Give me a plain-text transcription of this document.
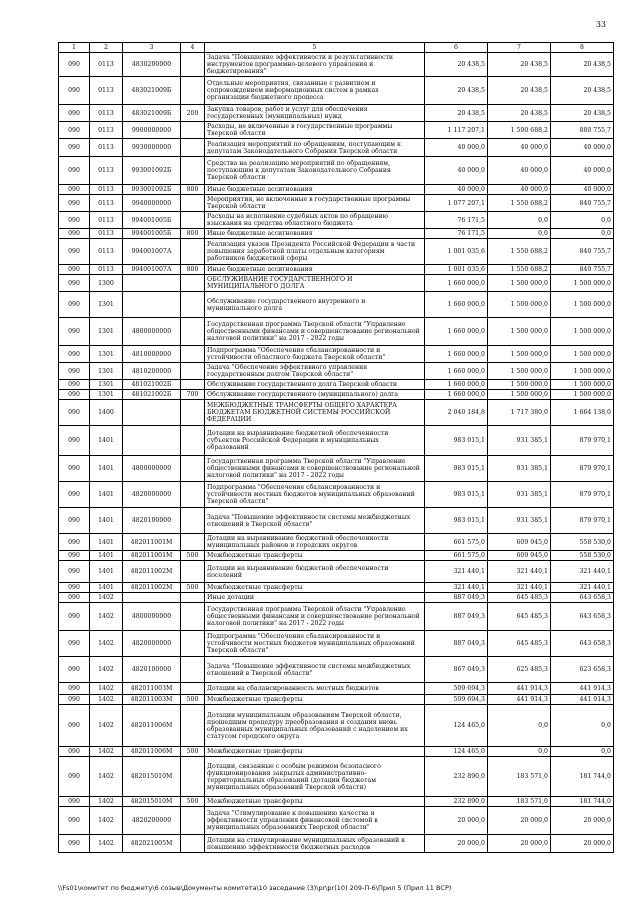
33
1	2	3	4	5	6	7	8
090	0113	4830200000		Задача "Повышение эффективности и результативности инструментов программно-целевого управления и бюджетирования"	20 438,5	20 438,5	20 438,5
090	0113	483021009Б		Отдельные мероприятия, связанные с развитием и сопровождением информационных систем в рамках организации бюджетного процесса	20 438,5	20 438,5	20 438,5
090	0113	483021009Б	200	Закупка товаров, работ и услуг для обеспечения государственных (муниципальных) нужд	20 438,5	20 438,5	20 438,5
090	0113	9900000000		Расходы, не включенные в государственные программы Тверской области	1 117 207,1	1 590 688,2	880 755,7
090	0113	9930000000		Реализация мероприятий по обращениям, поступающим к депутатам Законодательного Собрания Тверской области	40 000,0	40 000,0	40 000,0
090	0113	993001092Б		Средства на реализацию мероприятий по обращениям, поступающим к депутатам Законодательного Собрания Тверской области	40 000,0	40 000,0	40 000,0
090	0113	993001092Б	800	Иные бюджетные ассигнования	40 000,0	40 000,0	40 000,0
090	0113	9940000000		Мероприятия, не включенные в государственные программы Тверской области	1 077 207,1	1 550 688,2	840 755,7
090	0113	994001005Б		Расходы на исполнение судебных актов по обращению взыскания на средства областного бюджета	76 171,5	0,0	0,0
090	0113	994001005Б	800	Иные бюджетные ассигнования	76 171,5	0,0	0,0
090	0113	994001007А		Реализация указов Президента Российской Федерации в части повышения заработной платы отдельным категориям работников бюджетной сферы	1 001 035,6	1 550 688,2	840 755,7
090	0113	994001007А	800	Иные бюджетные ассигнования	1 001 035,6	1 550 688,2	840 755,7
090	1300			ОБСЛУЖИВАНИЕ ГОСУДАРСТВЕННОГО И МУНИЦИПАЛЬНОГО ДОЛГА	1 660 000,0	1 500 000,0	1 500 000,0
090	1301			Обслуживание государственного внутреннего и муниципального долга	1 660 000,0	1 500 000,0	1 500 000,0
090	1301	4800000000		Государственная программа Тверской области "Управление общественными финансами и совершенствование региональной налоговой политики" на 2017 - 2022 годы	1 660 000,0	1 500 000,0	1 500 000,0
090	1301	4810000000		Подпрограмма "Обеспечение сбалансированности и устойчивости областного бюджета Тверской области"	1 660 000,0	1 500 000,0	1 500 000,0
090	1301	4810200000		Задача "Обеспечение эффективного управления государственным долгом Тверской области"	1 660 000,0	1 500 000,0	1 500 000,0
090	1301	481021002Б		Обслуживание государственного долга Тверской области	1 660 000,0	1 500 000,0	1 500 000,0
090	1301	481021002Б	700	Обслуживание государственного (муниципального) долга	1 660 000,0	1 500 000,0	1 500 000,0
090	1400			МЕЖБЮДЖЕТНЫЕ ТРАНСФЕРТЫ ОБЩЕГО ХАРАКТЕРА БЮДЖЕТАМ БЮДЖЕТНОЙ СИСТЕМЫ РОССИЙСКОЙ ФЕДЕРАЦИИ	2 040 184,8	1 717 380,0	1 664 138,0
090	1401			Дотации на выравнивание бюджетной обеспеченности субъектов Российской Федерации и муниципальных образований	983 015,1	931 385,1	879 970,1
090	1401	4800000000		Государственная программа Тверской области "Управление общественными финансами и совершенствование региональной налоговой политики" на 2017 - 2022 годы	983 015,1	931 385,1	879 970,1
090	1401	4820000000		Подпрограмма "Обеспечение сбалансированности и устойчивости местных бюджетов муниципальных образований Тверской области"	983 015,1	931 385,1	879 970,1
090	1401	4820100000		Задача "Повышение эффективности системы межбюджетных отношений в Тверской области"	983 015,1	931 385,1	879 970,1
090	1401	482011001М		Дотации на выравнивание бюджетной обеспеченности муниципальных районов и городских округов	661 575,0	609 945,0	558 530,0
090	1401	482011001М	500	Межбюджетные трансферты	661 575,0	609 945,0	558 530,0
090	1401	482011002М		Дотации на выравнивание бюджетной обеспеченности поселений	321 440,1	321 440,1	321 440,1
090	1401	482011002М	500	Межбюджетные трансферты	321 440,1	321 440,1	321 440,1
090	1402			Иные дотации	887 049,3	645 485,3	643 658,3
090	1402	4800000000		Государственная программа Тверской области "Управление общественными финансами и совершенствование региональной налоговой политики" на 2017 - 2022 годы	887 049,3	645 485,3	643 658,3
090	1402	4820000000		Подпрограмма "Обеспечение сбалансированности и устойчивости местных бюджетов муниципальных образований Тверской области"	887 049,3	645 485,3	643 658,3
090	1402	4820100000		Задача "Повышение эффективности системы межбюджетных отношений в Тверской области"	867 049,3	625 485,3	623 658,3
090	1402	482011003М		Дотации на сбалансированность местных бюджетов	509 694,3	441 914,3	441 914,3
090	1402	482011003М	500	Межбюджетные трансферты	509 694,3	441 914,3	441 914,3
090	1402	482011006М		Дотации муниципальным образованиям Тверской области, прошедшим процедуру преобразования и создания вновь образованных муниципальных образований с наделением их статусом городского округа	124 465,0	0,0	0,0
090	1402	482011006М	500	Межбюджетные трансферты	124 465,0	0,0	0,0
090	1402	482015010М		Дотации, связанные с особым режимом безопасного функционирования закрытых административно-территориальных образований (дотации бюджетам муниципальных образований Тверской области)	232 890,0	183 571,0	181 744,0
090	1402	482015010М	500	Межбюджетные трансферты	232 890,0	183 571,0	181 744,0
090	1402	4820200000		Задача "Стимулирование к повышению качества и эффективности управления финансовой системой в муниципальных образованиях Тверской области"	20 000,0	20 000,0	20 000,0
090	1402	482021005М		Дотации на стимулирование муниципальных образований к повышению эффективности бюджетных расходов	20 000,0	20 000,0	20 000,0
\\Fs01\комитет по бюджету\6 созыв\Документы комитета\10 заседание (3)\pr\pr(10) 209-П-6\Прил 5 (Прил 11 ВСР)
